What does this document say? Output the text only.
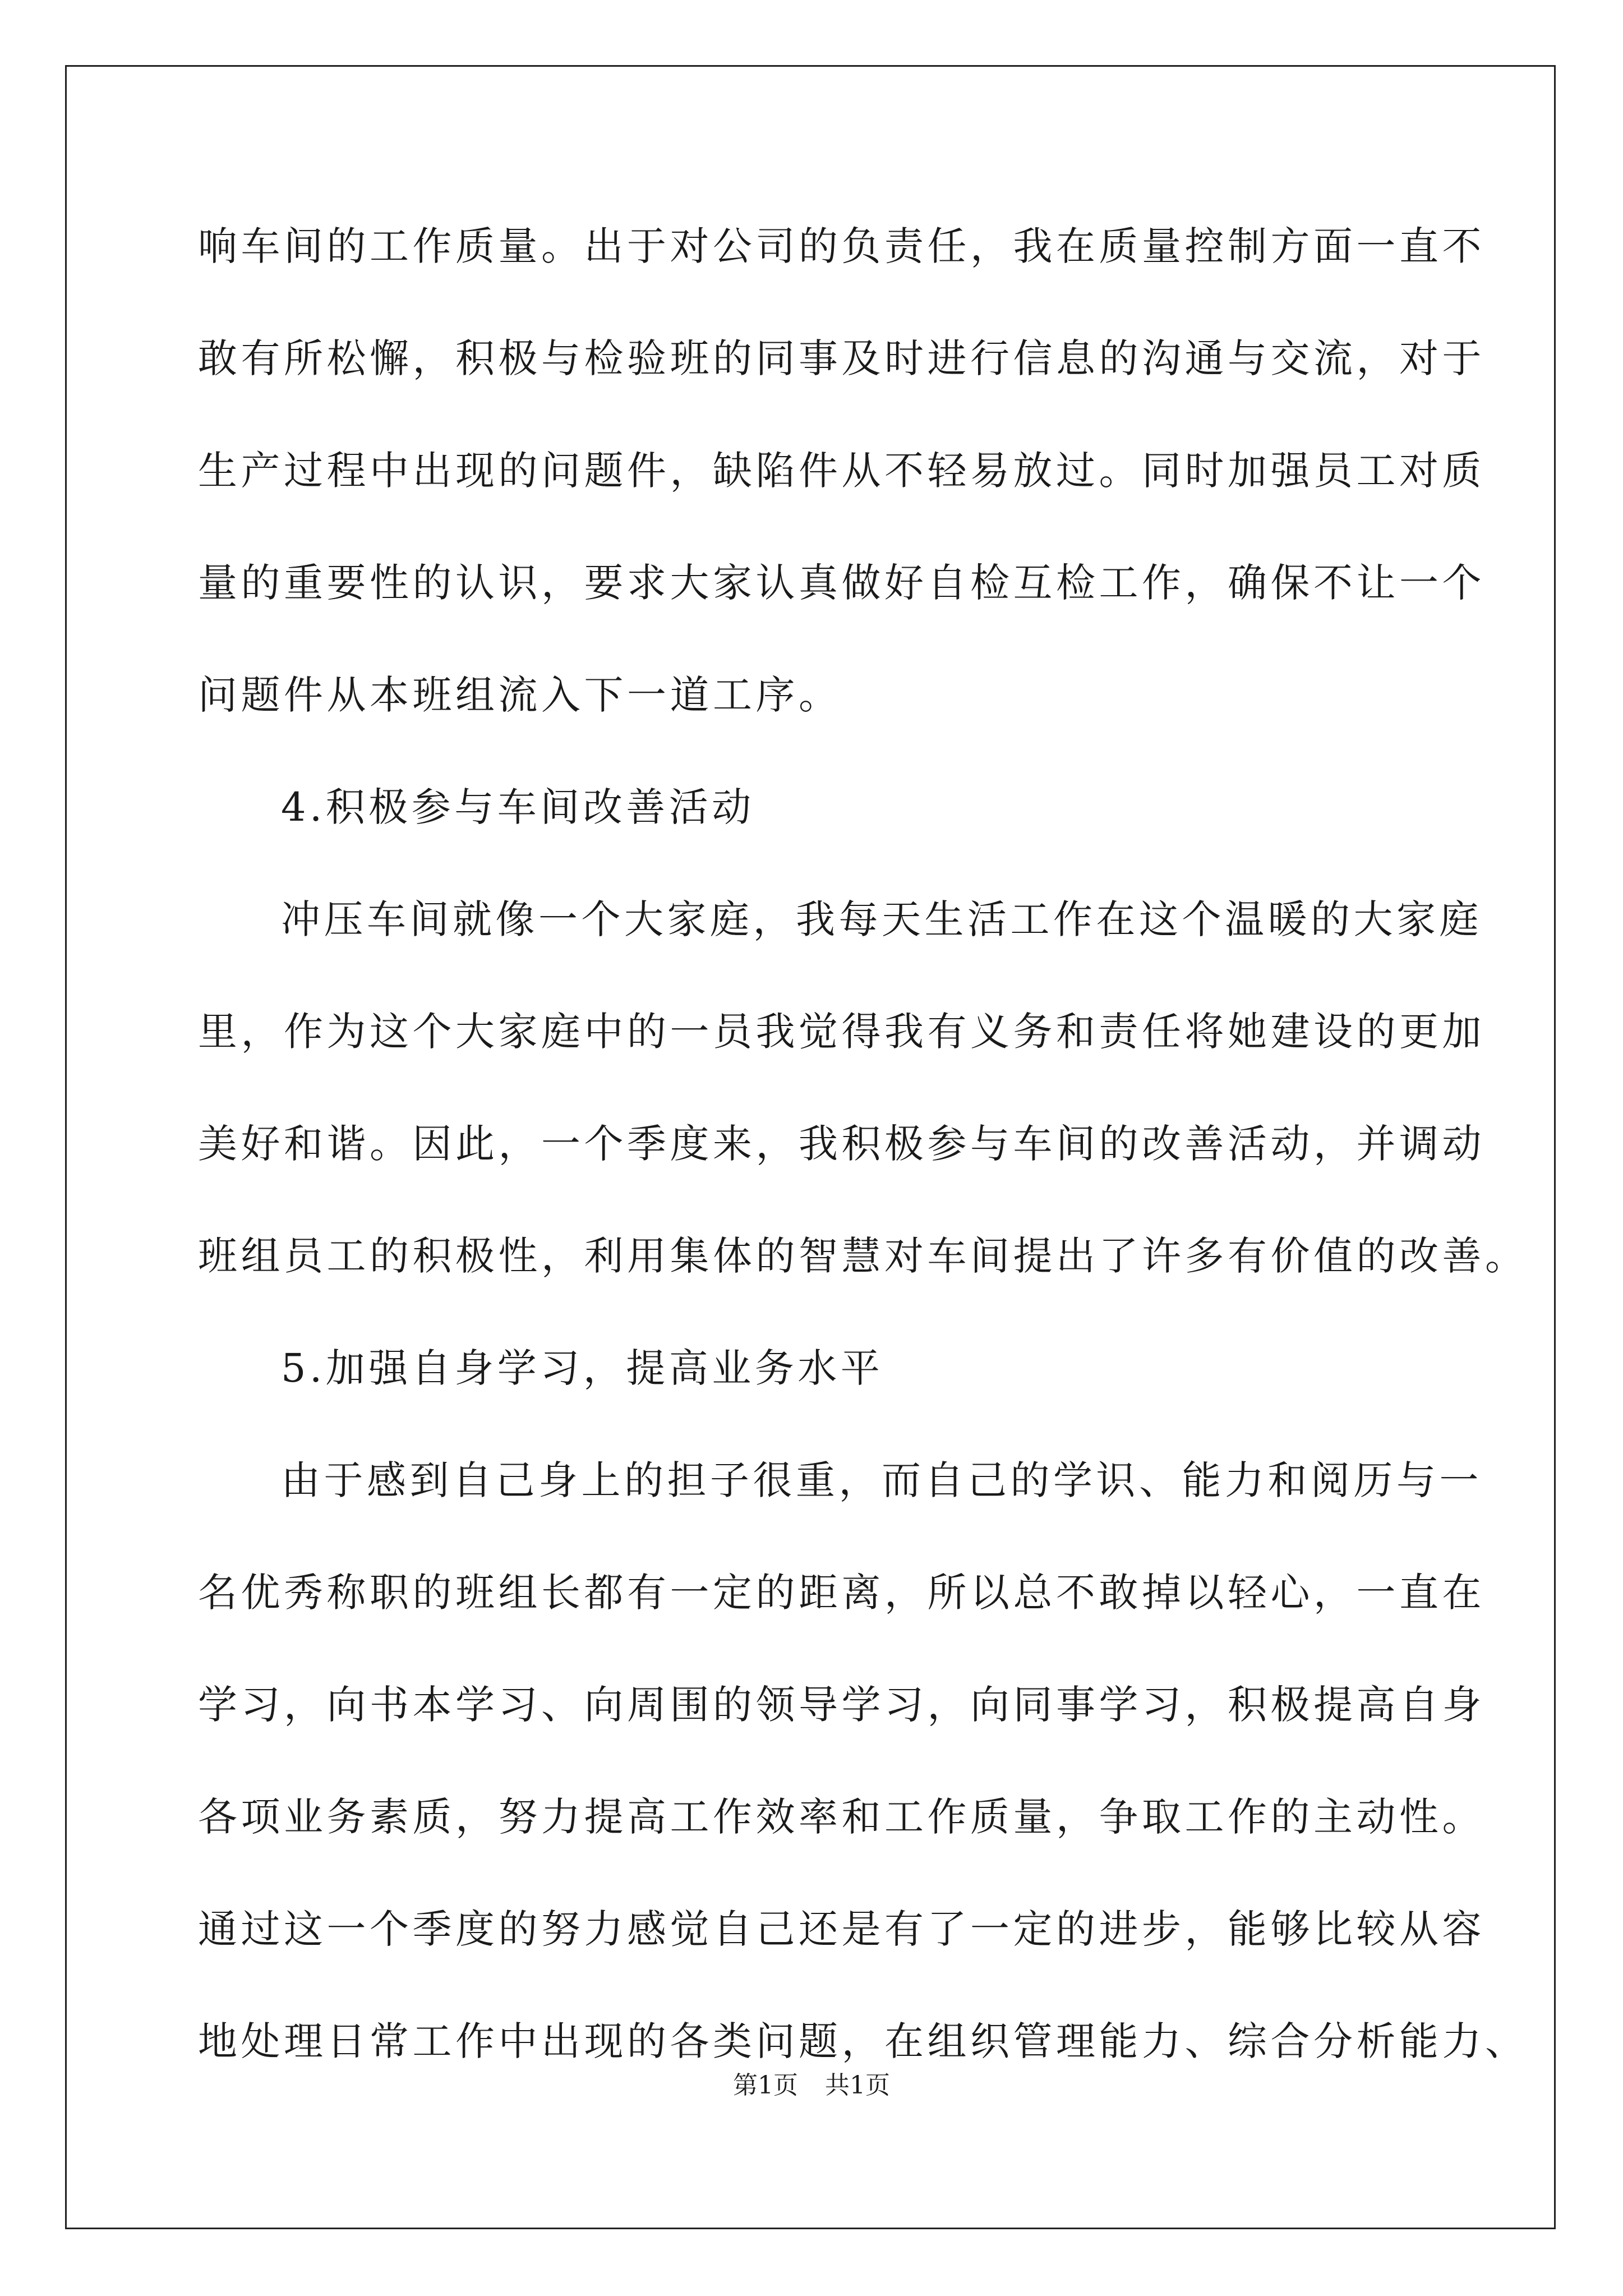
响车间的工作质量。出于对公司的负责任，我在质量控制方面一直不
敢有所松懈，积极与检验班的同事及时进行信息的沟通与交流，对于
生产过程中出现的问题件，缺陷件从不轻易放过。同时加强员工对质
量的重要性的认识，要求大家认真做好自检互检工作，确保不让一个
问题件从本班组流入下一道工序。
4.积极参与车间改善活动
冲压车间就像一个大家庭，我每天生活工作在这个温暖的大家庭
里，作为这个大家庭中的一员我觉得我有义务和责任将她建设的更加
美好和谐。因此，一个季度来，我积极参与车间的改善活动，并调动
班组员工的积极性，利用集体的智慧对车间提出了许多有价值的改善。
5.加强自身学习，提高业务水平
由于感到自己身上的担子很重，而自己的学识、能力和阅历与一
名优秀称职的班组长都有一定的距离，所以总不敢掉以轻心，一直在
学习，向书本学习、向周围的领导学习，向同事学习，积极提高自身
各项业务素质，努力提高工作效率和工作质量，争取工作的主动性。
通过这一个季度的努力感觉自己还是有了一定的进步，能够比较从容
地处理日常工作中出现的各类问题，在组织管理能力、综合分析能力、
第1页 共1页
